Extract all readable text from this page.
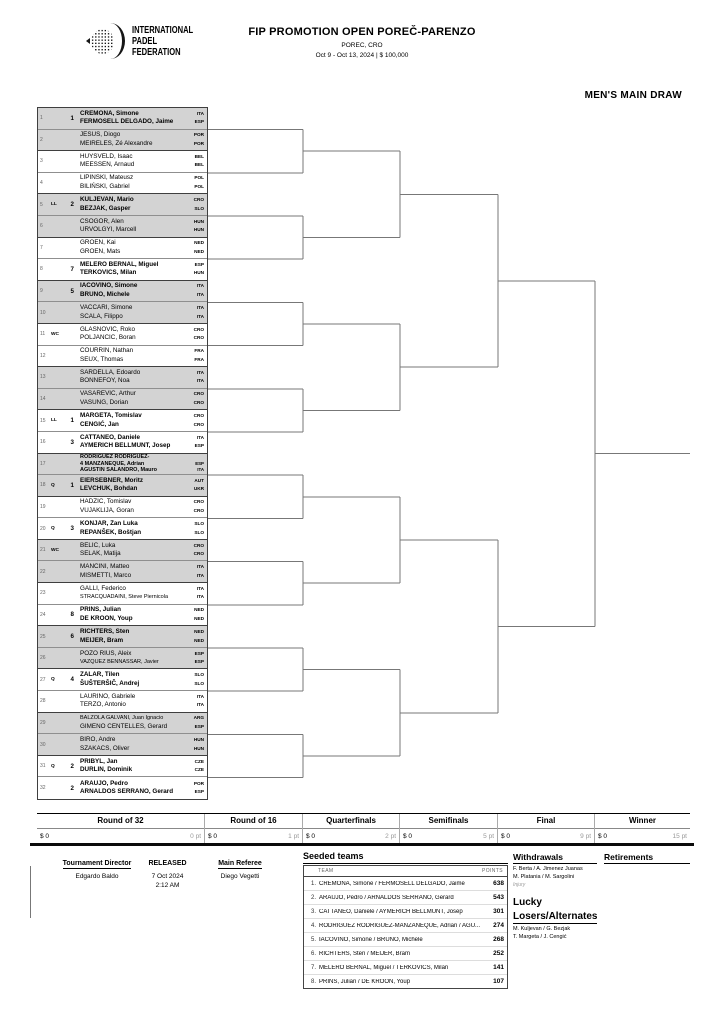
INTERNATIONAL
PADEL
FEDERATION
FIP PROMOTION OPEN POREČ-PARENZO
POREC, CRO
Oct 9 - Oct 13, 2024 | $ 100,000
MEN'S MAIN DRAW
1	1
CREMONA, Simone
FERMOSELL DELGADO, Jaime
ITA
ESP
2
JESUS, Diogo
MEIRELES, Zé Alexandre
POR
POR
3
HUYSVELD, Isaac
MEESSEN, Arnaud
BEL
BEL
4
LIPINSKI, Mateusz
BILIŃSKI, Gabriel
POL
POL
5	LL	2
KULJEVAN, Mario
BEZJAK, Gasper
CRO
SLO
6
CSOGÖR, Alen
URVOLGYI, Marcell
HUN
HUN
7
GROEN, Kai
GROEN, Mats
NED
NED
8	7
MELERO BERNAL, Miguel
TERKOVICS, Milan
ESP
HUN
9	5
IACOVINO, Simone
BRUNO, Michele
ITA
ITA
10
VACCARI, Simone
SCALA, Filippo
ITA
ITA
11	WC
GLASNOVIC, Roko
POLJANCIC, Boran
CRO
CRO
12
COURRIN, Nathan
SEUX, Thomas
FRA
FRA
13
SARDELLA, Edoardo
BONNEFOY, Noa
ITA
ITA
14
VASAREVIC, Arthur
VASUNG, Dorian
CRO
CRO
15	LL	1
MARGETA, Tomislav
CENGIĆ, Jan
CRO
CRO
16	3
CATTANEO, Daniele
AYMERICH BELLMUNT, Josep
ITA
ESP
17
RODRIGUEZ RODRIGUEZ-
4 MANZANEQUE, Adrian
AGUSTIN SALANDRO, Mauro

ESP
ITA
18	Q	1
EIERSEBNER, Moritz
LEVCHUK, Bohdan
AUT
UKR
19
HADZIC, Tomislav
VUJAKLIJA, Goran
CRO
CRO
20	Q	3
KONJAR, Žan Luka
REPANŠEK, Boštjan
SLO
SLO
21	WC
BELIC, Luka
SELAK, Matija
CRO
CRO
22
MANCINI, Matteo
MISMETTI, Marco
ITA
ITA
23
GALLI, Federico
STRACQUADAINI, Steve Piernicola
ITA
ITA
24	8
PRINS, Julian
DE KROON, Youp
NED
NED
25	6
RICHTERS, Sten
MEIJER, Bram
NED
NED
26
POZO RIUS, Aleix
VAZQUEZ BENNASSAR, Javier
ESP
ESP
27	Q	4
ZALAR, Tilen
ŠUŠTERŠIČ, Andrej
SLO
SLO
28
LAURINO, Gabriele
TERZO, Antonio
ITA
ITA
29
BALZOLA GALVANI, Juan Ignacio
GIMENO CENTELLES, Gerard
ARG
ESP
30
BIRO, Andre
SZAKACS, Oliver
HUN
HUN
31	Q	2
PRIBYL, Jan
DURLIN, Dominik
CZE
CZE
32	2
ARAUJO, Pedro
ARNALDOS SERRANO, Gerard
POR
ESP
Round of 32
$ 0	0 pt
Round of 16
$ 0	1 pt
Quarterfinals
$ 0	2 pt
Semifinals
$ 0	5 pt
Final
$ 0	9 pt
Winner
$ 0	15 pt
Tournament Director
Edgardo Baldo
RELEASED
7 Oct 2024
2:12 AM
Main Referee
Diego Vegetti
Seeded teams
TEAM	POINTS
1. CREMONA, Simone / FERMOSELL DELGADO, Jaime	638
2. ARAUJO, Pedro / ARNALDOS SERRANO, Gerard	543
3. CATTANEO, Daniele / AYMERICH BELLMUNT, Josep	301
4. RODRIGUEZ RODRIGUEZ-MANZANEQUE, Adrian / AGU...	274
5. IACOVINO, Simone / BRUNO, Michele	268
6. RICHTERS, Sten / MEIJER, Bram	252
7. MELERO BERNAL, Miguel / TERKOVICS, Milan	141
8. PRINS, Julian / DE KROON, Youp	107
Withdrawals
F. Berta / A. Jimenez Juanas
M. Platania / M. Sargolini
Injury
Lucky
Losers/Alternates
M. Kuljevan / G. Bezjak
T. Margeta / J. Cengić
Retirements
